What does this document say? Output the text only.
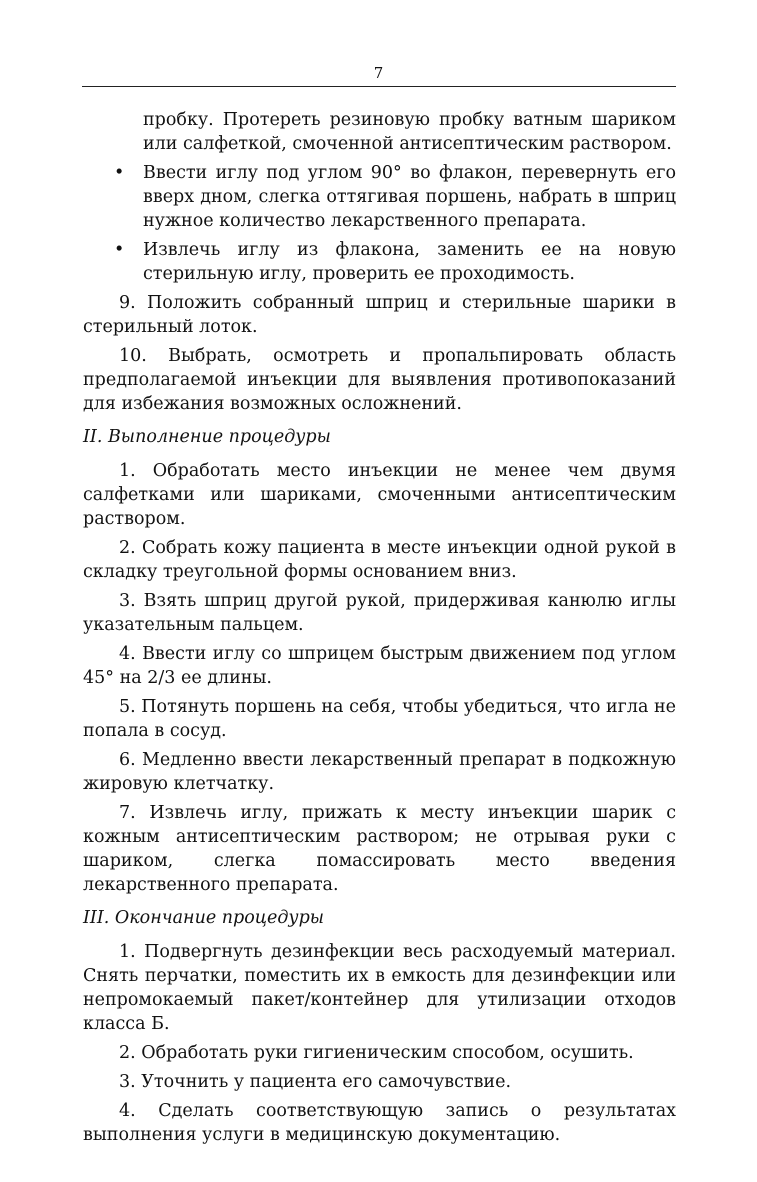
7

пробку. Протереть резиновую пробку ватным шариком или салфеткой, смоченной антисептическим раствором.

• Ввести иглу под углом 90° во флакон, перевернуть его вверх дном, слегка оттягивая поршень, набрать в шприц нужное количество лекарственного препарата.
• Извлечь иглу из флакона, заменить ее на новую стерильную иглу, проверить ее проходимость.

9. Положить собранный шприц и стерильные шарики в стерильный лоток.

10. Выбрать, осмотреть и пропальпировать область предполагаемой инъекции для выявления противопоказаний для избежания возможных осложнений.

II. Выполнение процедуры

1. Обработать место инъекции не менее чем двумя салфетками или шариками, смоченными антисептическим раствором.

2. Собрать кожу пациента в месте инъекции одной рукой в складку треугольной формы основанием вниз.

3. Взять шприц другой рукой, придерживая канюлю иглы указательным пальцем.

4. Ввести иглу со шприцем быстрым движением под углом 45° на 2/3 ее длины.

5. Потянуть поршень на себя, чтобы убедиться, что игла не попала в сосуд.

6. Медленно ввести лекарственный препарат в подкожную жировую клетчатку.

7. Извлечь иглу, прижать к месту инъекции шарик с кожным антисептическим раствором; не отрывая руки с шариком, слегка помассировать место введения лекарственного препарата.

III. Окончание процедуры

1. Подвергнуть дезинфекции весь расходуемый материал. Снять перчатки, поместить их в емкость для дезинфекции или непромокаемый пакет/контейнер для утилизации отходов класса Б.

2. Обработать руки гигиеническим способом, осушить.

3. Уточнить у пациента его самочувствие.

4. Сделать соответствующую запись о результатах выполнения услуги в медицинскую документацию.
